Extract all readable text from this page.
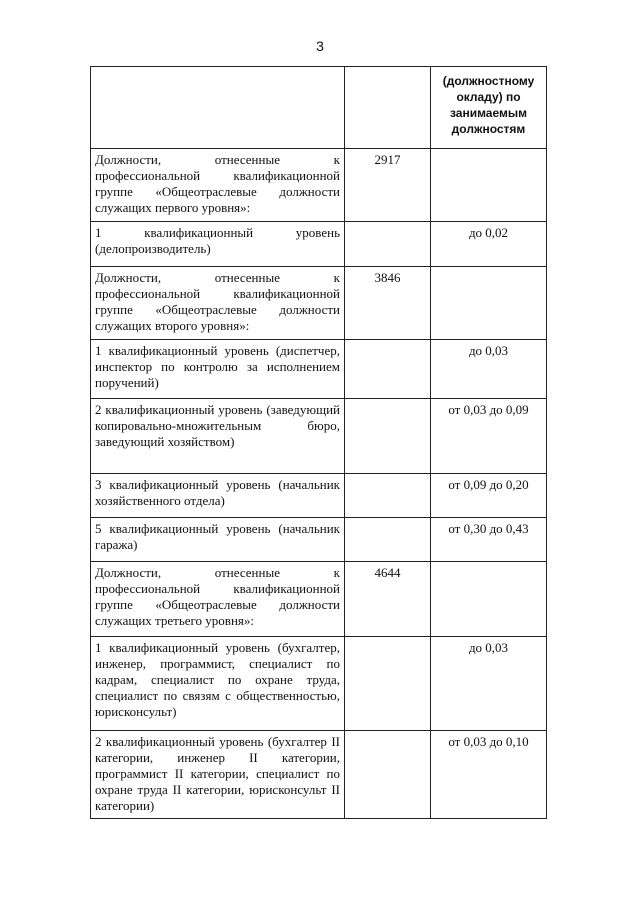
3
		(должностному окладу) по занимаемым должностям
Должности, отнесенные к профессиональной квалификационной группе «Общеотраслевые должности служащих первого уровня»:	2917	
1 квалификационный уровень (делопроизводитель)		до 0,02
Должности, отнесенные к профессиональной квалификационной группе «Общеотраслевые должности служащих второго уровня»:	3846	
1 квалификационный уровень (диспетчер, инспектор по контролю за исполнением поручений)		до 0,03
2 квалификационный уровень (заведующий копировально-множительным бюро, заведующий хозяйством)		от 0,03 до 0,09
3 квалификационный уровень (начальник хозяйственного отдела)		от 0,09 до 0,20
5 квалификационный уровень (начальник гаража)		от 0,30 до 0,43
Должности, отнесенные к профессиональной квалификационной группе «Общеотраслевые должности служащих третьего уровня»:	4644	
1 квалификационный уровень (бухгалтер, инженер, программист, специалист по кадрам, специалист по охране труда, специалист по связям с общественностью, юрисконсульт)		до 0,03
2 квалификационный уровень (бухгалтер II категории, инженер II категории, программист II категории, специалист по охране труда II категории, юрисконсульт II категории)		от 0,03 до 0,10
